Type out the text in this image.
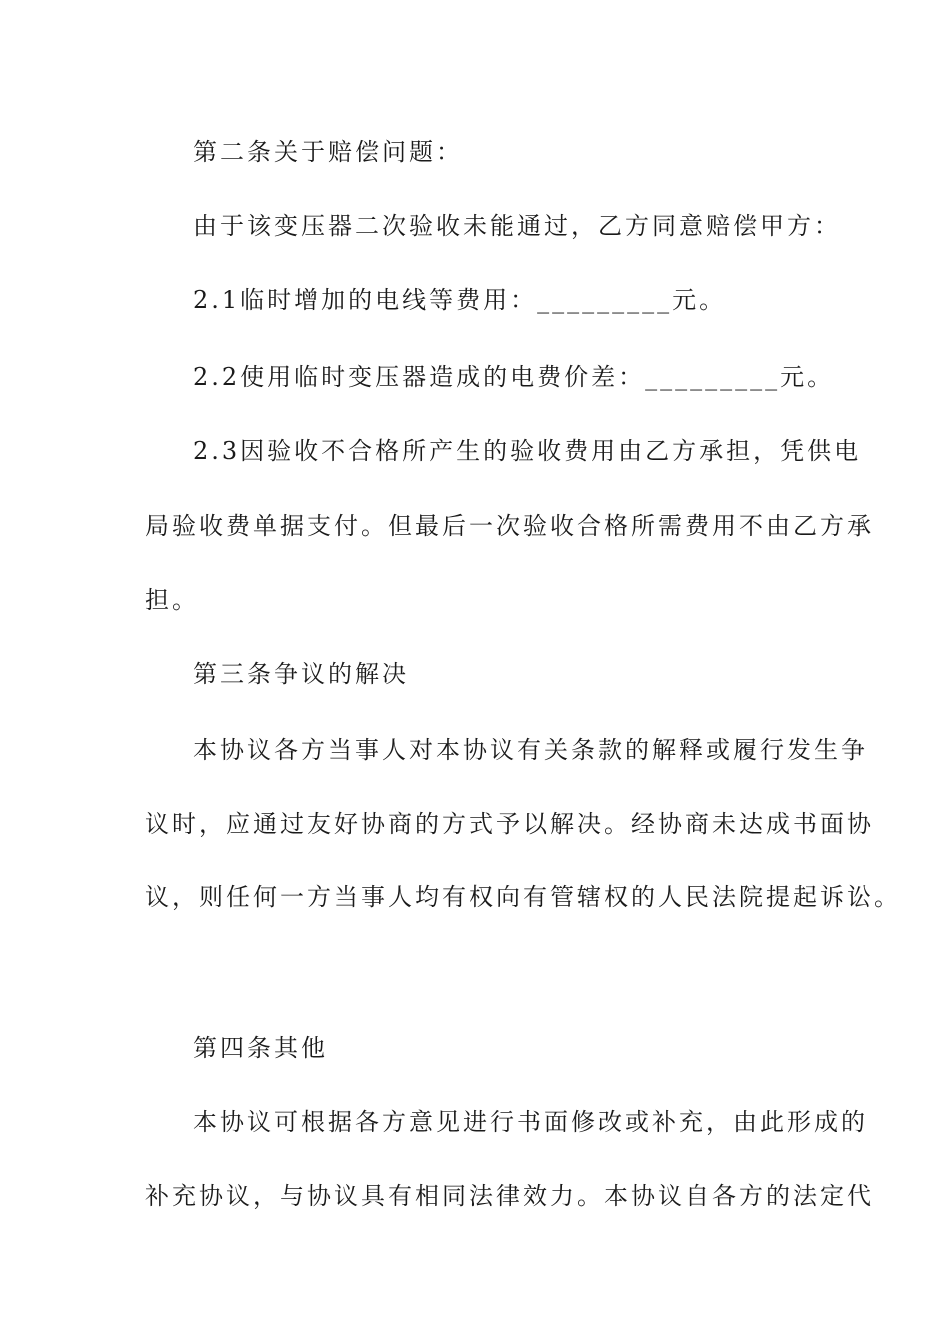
第二条关于赔偿问题：
由于该变压器二次验收未能通过，乙方同意赔偿甲方：
2.1临时增加的电线等费用：_________元。
2.2使用临时变压器造成的电费价差：_________元。
2.3因验收不合格所产生的验收费用由乙方承担，凭供电
局验收费单据支付。但最后一次验收合格所需费用不由乙方承
担。
第三条争议的解决
本协议各方当事人对本协议有关条款的解释或履行发生争
议时，应通过友好协商的方式予以解决。经协商未达成书面协
议，则任何一方当事人均有权向有管辖权的人民法院提起诉讼。
第四条其他
本协议可根据各方意见进行书面修改或补充，由此形成的
补充协议，与协议具有相同法律效力。本协议自各方的法定代
